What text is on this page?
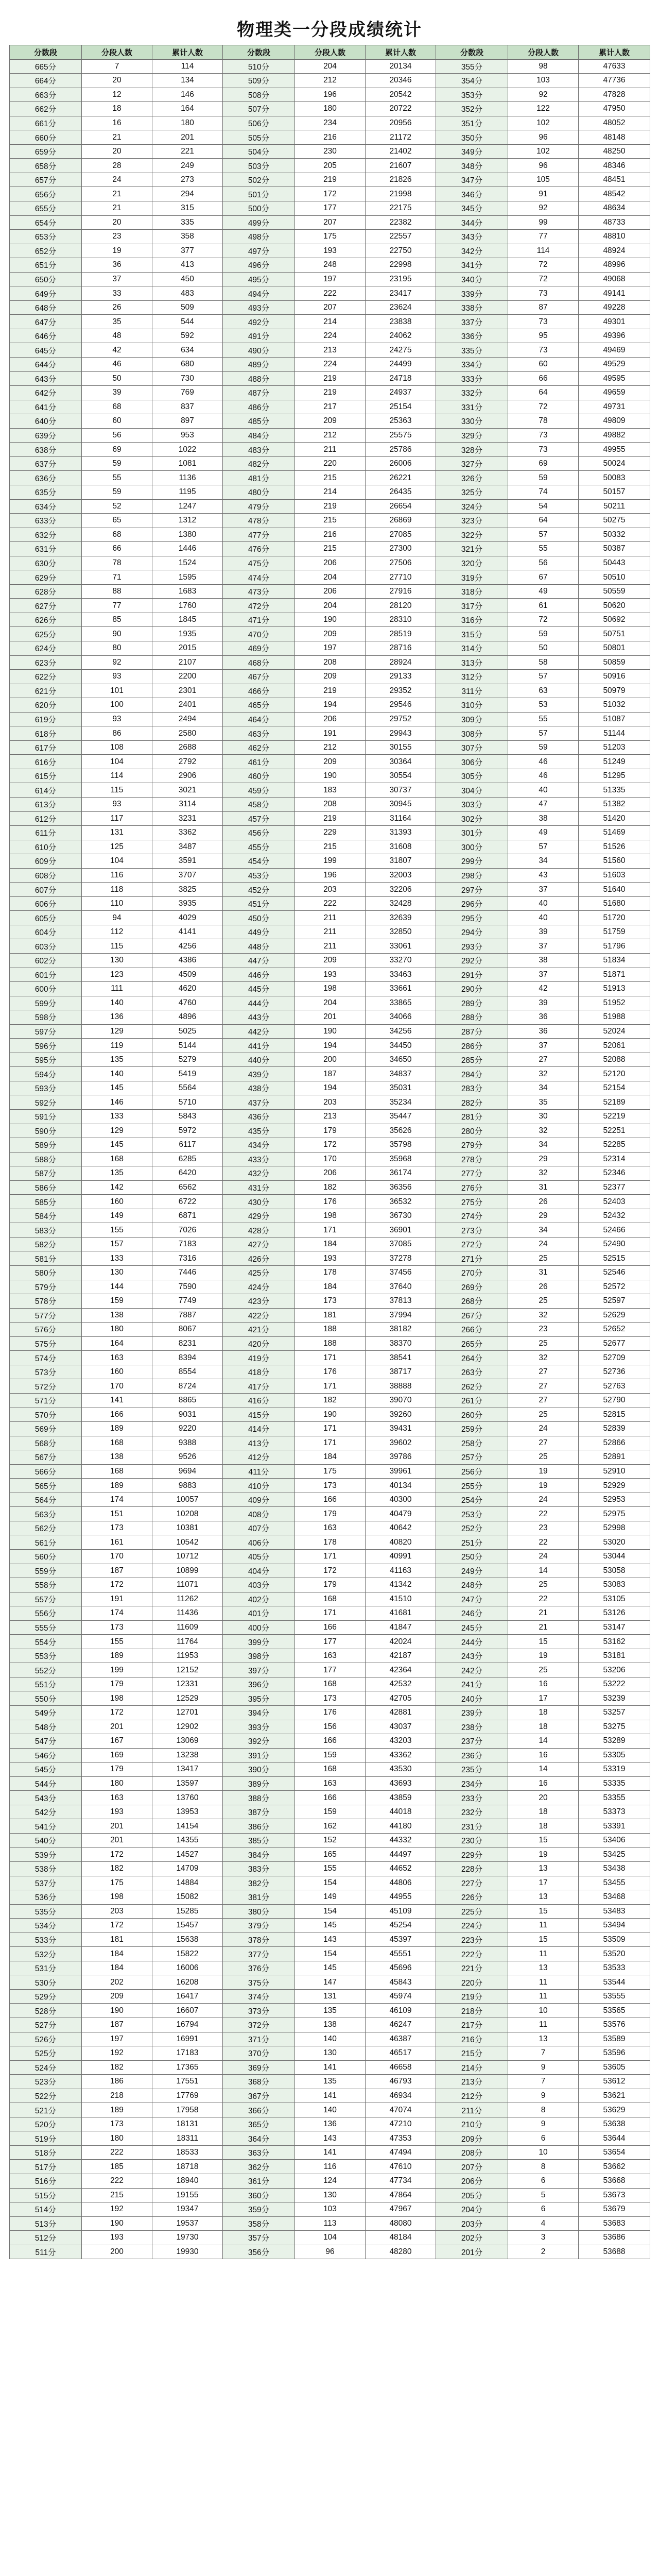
物理类一分段成绩统计
分数段	分段人数	累计人数	分数段	分段人数	累计人数	分数段	分段人数	累计人数
665分	7	114	510分	204	20134	355分	98	47633
664分	20	134	509分	212	20346	354分	103	47736
663分	12	146	508分	196	20542	353分	92	47828
662分	18	164	507分	180	20722	352分	122	47950
661分	16	180	506分	234	20956	351分	102	48052
660分	21	201	505分	216	21172	350分	96	48148
659分	20	221	504分	230	21402	349分	102	48250
658分	28	249	503分	205	21607	348分	96	48346
657分	24	273	502分	219	21826	347分	105	48451
656分	21	294	501分	172	21998	346分	91	48542
655分	21	315	500分	177	22175	345分	92	48634
654分	20	335	499分	207	22382	344分	99	48733
653分	23	358	498分	175	22557	343分	77	48810
652分	19	377	497分	193	22750	342分	114	48924
651分	36	413	496分	248	22998	341分	72	48996
650分	37	450	495分	197	23195	340分	72	49068
649分	33	483	494分	222	23417	339分	73	49141
648分	26	509	493分	207	23624	338分	87	49228
647分	35	544	492分	214	23838	337分	73	49301
646分	48	592	491分	224	24062	336分	95	49396
645分	42	634	490分	213	24275	335分	73	49469
644分	46	680	489分	224	24499	334分	60	49529
643分	50	730	488分	219	24718	333分	66	49595
642分	39	769	487分	219	24937	332分	64	49659
641分	68	837	486分	217	25154	331分	72	49731
640分	60	897	485分	209	25363	330分	78	49809
639分	56	953	484分	212	25575	329分	73	49882
638分	69	1022	483分	211	25786	328分	73	49955
637分	59	1081	482分	220	26006	327分	69	50024
636分	55	1136	481分	215	26221	326分	59	50083
635分	59	1195	480分	214	26435	325分	74	50157
634分	52	1247	479分	219	26654	324分	54	50211
633分	65	1312	478分	215	26869	323分	64	50275
632分	68	1380	477分	216	27085	322分	57	50332
631分	66	1446	476分	215	27300	321分	55	50387
630分	78	1524	475分	206	27506	320分	56	50443
629分	71	1595	474分	204	27710	319分	67	50510
628分	88	1683	473分	206	27916	318分	49	50559
627分	77	1760	472分	204	28120	317分	61	50620
626分	85	1845	471分	190	28310	316分	72	50692
625分	90	1935	470分	209	28519	315分	59	50751
624分	80	2015	469分	197	28716	314分	50	50801
623分	92	2107	468分	208	28924	313分	58	50859
622分	93	2200	467分	209	29133	312分	57	50916
621分	101	2301	466分	219	29352	311分	63	50979
620分	100	2401	465分	194	29546	310分	53	51032
619分	93	2494	464分	206	29752	309分	55	51087
618分	86	2580	463分	191	29943	308分	57	51144
617分	108	2688	462分	212	30155	307分	59	51203
616分	104	2792	461分	209	30364	306分	46	51249
615分	114	2906	460分	190	30554	305分	46	51295
614分	115	3021	459分	183	30737	304分	40	51335
613分	93	3114	458分	208	30945	303分	47	51382
612分	117	3231	457分	219	31164	302分	38	51420
611分	131	3362	456分	229	31393	301分	49	51469
610分	125	3487	455分	215	31608	300分	57	51526
609分	104	3591	454分	199	31807	299分	34	51560
608分	116	3707	453分	196	32003	298分	43	51603
607分	118	3825	452分	203	32206	297分	37	51640
606分	110	3935	451分	222	32428	296分	40	51680
605分	94	4029	450分	211	32639	295分	40	51720
604分	112	4141	449分	211	32850	294分	39	51759
603分	115	4256	448分	211	33061	293分	37	51796
602分	130	4386	447分	209	33270	292分	38	51834
601分	123	4509	446分	193	33463	291分	37	51871
600分	111	4620	445分	198	33661	290分	42	51913
599分	140	4760	444分	204	33865	289分	39	51952
598分	136	4896	443分	201	34066	288分	36	51988
597分	129	5025	442分	190	34256	287分	36	52024
596分	119	5144	441分	194	34450	286分	37	52061
595分	135	5279	440分	200	34650	285分	27	52088
594分	140	5419	439分	187	34837	284分	32	52120
593分	145	5564	438分	194	35031	283分	34	52154
592分	146	5710	437分	203	35234	282分	35	52189
591分	133	5843	436分	213	35447	281分	30	52219
590分	129	5972	435分	179	35626	280分	32	52251
589分	145	6117	434分	172	35798	279分	34	52285
588分	168	6285	433分	170	35968	278分	29	52314
587分	135	6420	432分	206	36174	277分	32	52346
586分	142	6562	431分	182	36356	276分	31	52377
585分	160	6722	430分	176	36532	275分	26	52403
584分	149	6871	429分	198	36730	274分	29	52432
583分	155	7026	428分	171	36901	273分	34	52466
582分	157	7183	427分	184	37085	272分	24	52490
581分	133	7316	426分	193	37278	271分	25	52515
580分	130	7446	425分	178	37456	270分	31	52546
579分	144	7590	424分	184	37640	269分	26	52572
578分	159	7749	423分	173	37813	268分	25	52597
577分	138	7887	422分	181	37994	267分	32	52629
576分	180	8067	421分	188	38182	266分	23	52652
575分	164	8231	420分	188	38370	265分	25	52677
574分	163	8394	419分	171	38541	264分	32	52709
573分	160	8554	418分	176	38717	263分	27	52736
572分	170	8724	417分	171	38888	262分	27	52763
571分	141	8865	416分	182	39070	261分	27	52790
570分	166	9031	415分	190	39260	260分	25	52815
569分	189	9220	414分	171	39431	259分	24	52839
568分	168	9388	413分	171	39602	258分	27	52866
567分	138	9526	412分	184	39786	257分	25	52891
566分	168	9694	411分	175	39961	256分	19	52910
565分	189	9883	410分	173	40134	255分	19	52929
564分	174	10057	409分	166	40300	254分	24	52953
563分	151	10208	408分	179	40479	253分	22	52975
562分	173	10381	407分	163	40642	252分	23	52998
561分	161	10542	406分	178	40820	251分	22	53020
560分	170	10712	405分	171	40991	250分	24	53044
559分	187	10899	404分	172	41163	249分	14	53058
558分	172	11071	403分	179	41342	248分	25	53083
557分	191	11262	402分	168	41510	247分	22	53105
556分	174	11436	401分	171	41681	246分	21	53126
555分	173	11609	400分	166	41847	245分	21	53147
554分	155	11764	399分	177	42024	244分	15	53162
553分	189	11953	398分	163	42187	243分	19	53181
552分	199	12152	397分	177	42364	242分	25	53206
551分	179	12331	396分	168	42532	241分	16	53222
550分	198	12529	395分	173	42705	240分	17	53239
549分	172	12701	394分	176	42881	239分	18	53257
548分	201	12902	393分	156	43037	238分	18	53275
547分	167	13069	392分	166	43203	237分	14	53289
546分	169	13238	391分	159	43362	236分	16	53305
545分	179	13417	390分	168	43530	235分	14	53319
544分	180	13597	389分	163	43693	234分	16	53335
543分	163	13760	388分	166	43859	233分	20	53355
542分	193	13953	387分	159	44018	232分	18	53373
541分	201	14154	386分	162	44180	231分	18	53391
540分	201	14355	385分	152	44332	230分	15	53406
539分	172	14527	384分	165	44497	229分	19	53425
538分	182	14709	383分	155	44652	228分	13	53438
537分	175	14884	382分	154	44806	227分	17	53455
536分	198	15082	381分	149	44955	226分	13	53468
535分	203	15285	380分	154	45109	225分	15	53483
534分	172	15457	379分	145	45254	224分	11	53494
533分	181	15638	378分	143	45397	223分	15	53509
532分	184	15822	377分	154	45551	222分	11	53520
531分	184	16006	376分	145	45696	221分	13	53533
530分	202	16208	375分	147	45843	220分	11	53544
529分	209	16417	374分	131	45974	219分	11	53555
528分	190	16607	373分	135	46109	218分	10	53565
527分	187	16794	372分	138	46247	217分	11	53576
526分	197	16991	371分	140	46387	216分	13	53589
525分	192	17183	370分	130	46517	215分	7	53596
524分	182	17365	369分	141	46658	214分	9	53605
523分	186	17551	368分	135	46793	213分	7	53612
522分	218	17769	367分	141	46934	212分	9	53621
521分	189	17958	366分	140	47074	211分	8	53629
520分	173	18131	365分	136	47210	210分	9	53638
519分	180	18311	364分	143	47353	209分	6	53644
518分	222	18533	363分	141	47494	208分	10	53654
517分	185	18718	362分	116	47610	207分	8	53662
516分	222	18940	361分	124	47734	206分	6	53668
515分	215	19155	360分	130	47864	205分	5	53673
514分	192	19347	359分	103	47967	204分	6	53679
513分	190	19537	358分	113	48080	203分	4	53683
512分	193	19730	357分	104	48184	202分	3	53686
511分	200	19930	356分	96	48280	201分	2	53688
